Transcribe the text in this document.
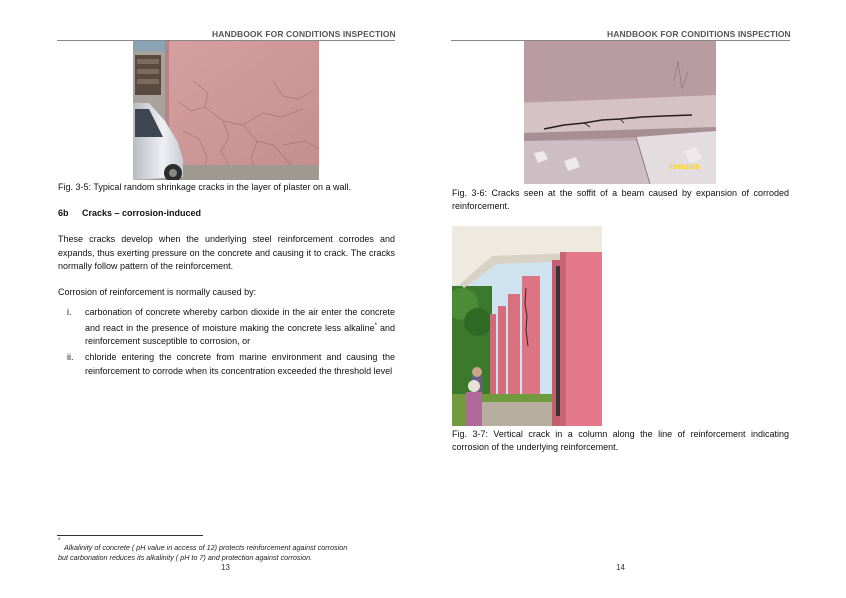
HANDBOOK FOR CONDITIONS INSPECTION
Fig. 3-5: Typical random shrinkage cracks in the layer of plaster on a wall.
6b Cracks – corrosion-induced
These cracks develop when the underlying steel reinforcement corrodes and expands, thus exerting pressure on the concrete and causing it to crack. The cracks normally follow pattern of the reinforcement.
Corrosion of reinforcement is normally caused by:
i. carbonation of concrete whereby carbon dioxide in the air enter the concrete and react in the presence of moisture making the concrete less alkaline* and reinforcement susceptible to corrosion, or
ii. chloride entering the concrete from marine environment and causing the reinforcement to corrode when its concentration exceeded the threshold level
*
Alkalinity of concrete ( pH value in access of 12) protects reinforcement against corrosion
but carbonation reduces its alkalinity ( pH to 7) and protection against corrosion.
13
HANDBOOK FOR CONDITIONS INSPECTION
01/01/2005
Fig. 3-6: Cracks seen at the soffit of a beam caused by expansion of corroded reinforcement.
Fig. 3-7: Vertical crack in a column along the line of reinforcement indicating corrosion of the underlying reinforcement.
14
